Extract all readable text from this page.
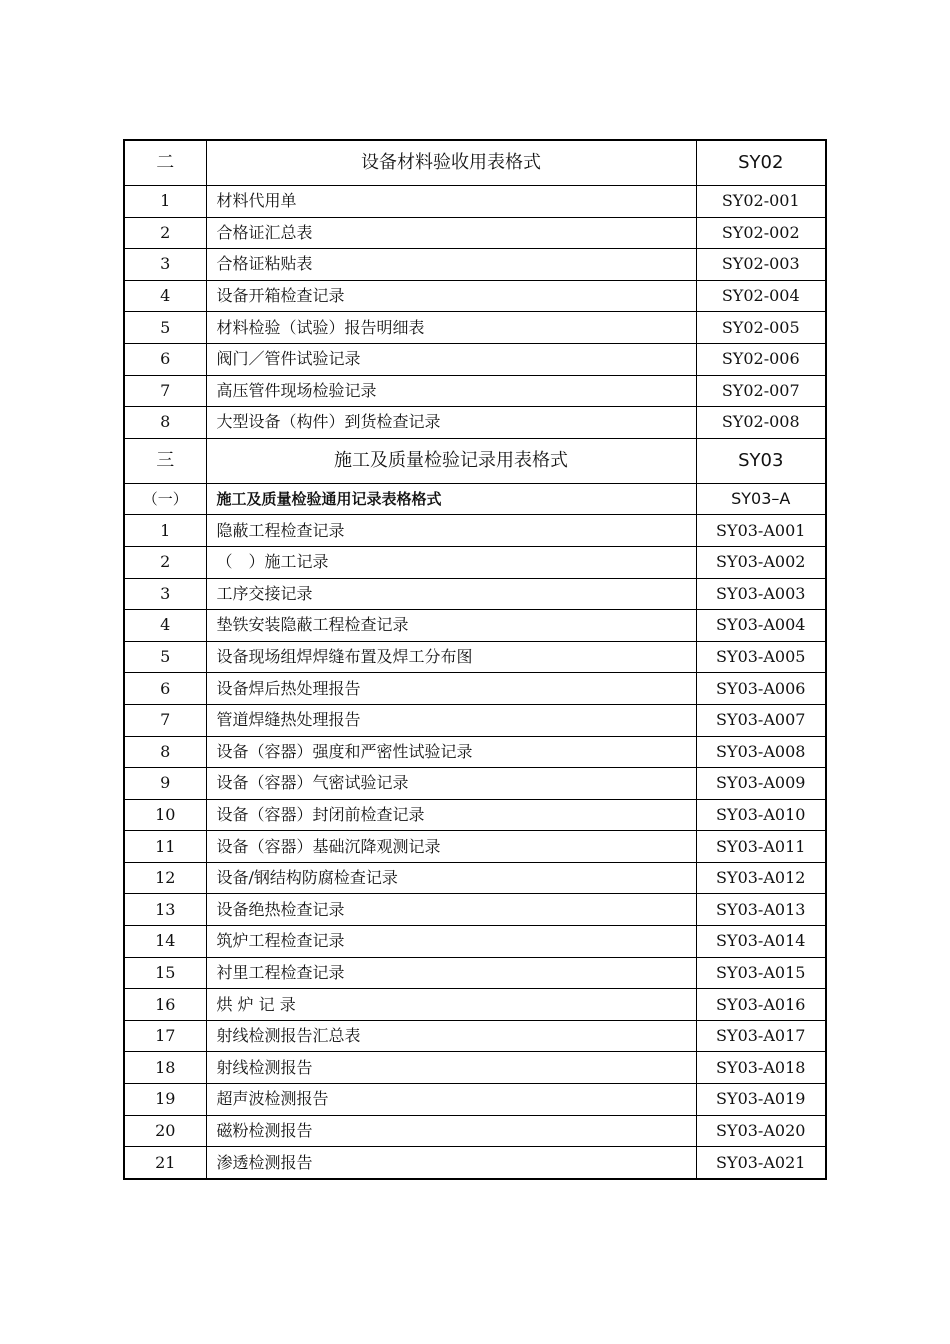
二	设备材料验收用表格式	SY02
1	材料代用单	SY02-001
2	合格证汇总表	SY02-002
3	合格证粘贴表	SY02-003
4	设备开箱检查记录	SY02-004
5	材料检验（试验）报告明细表	SY02-005
6	阀门／管件试验记录	SY02-006
7	高压管件现场检验记录	SY02-007
8	大型设备（构件）到货检查记录	SY02-008
三	施工及质量检验记录用表格式	SY03
（一）	施工及质量检验通用记录表格格式	SY03–A
1	隐蔽工程检查记录	SY03-A001
2	（　）施工记录	SY03-A002
3	工序交接记录	SY03-A003
4	垫铁安装隐蔽工程检查记录	SY03-A004
5	设备现场组焊焊缝布置及焊工分布图	SY03-A005
6	设备焊后热处理报告	SY03-A006
7	管道焊缝热处理报告	SY03-A007
8	设备（容器）强度和严密性试验记录	SY03-A008
9	设备（容器）气密试验记录	SY03-A009
10	设备（容器）封闭前检查记录	SY03-A010
11	设备（容器）基础沉降观测记录	SY03-A011
12	设备/钢结构防腐检查记录	SY03-A012
13	设备绝热检查记录	SY03-A013
14	筑炉工程检查记录	SY03-A014
15	衬里工程检查记录	SY03-A015
16	烘 炉 记 录	SY03-A016
17	射线检测报告汇总表	SY03-A017
18	射线检测报告	SY03-A018
19	超声波检测报告	SY03-A019
20	磁粉检测报告	SY03-A020
21	渗透检测报告	SY03-A021
